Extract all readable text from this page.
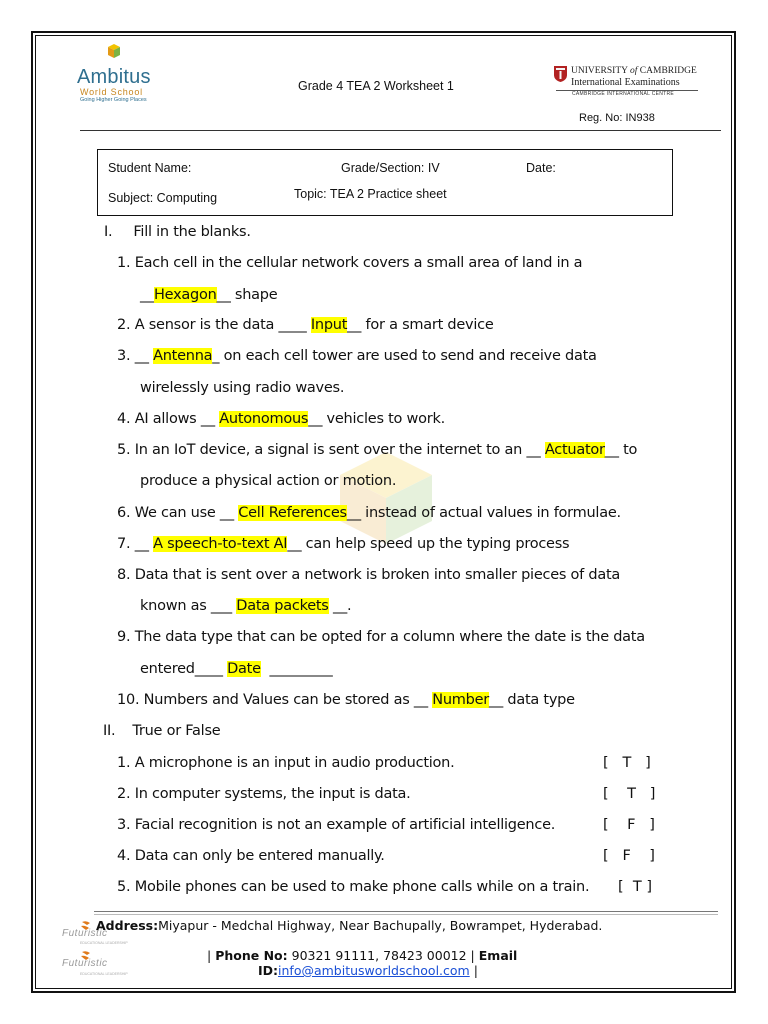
Ambitus
World School
Going Higher Going Places
Grade 4 TEA 2 Worksheet 1
UNIVERSITY of CAMBRIDGE
International Examinations
CAMBRIDGE INTERNATIONAL CENTRE
Reg. No: IN938
Student Name:	Grade/Section: IV	Date:
Subject: Computing	Topic: TEA 2 Practice sheet
I. Fill in the blanks.
1. Each cell in the cellular network covers a small area of land in a
__Hexagon__ shape
2. A sensor is the data ____ Input__ for a smart device
3. __ Antenna_ on each cell tower are used to send and receive data
wirelessly using radio waves.
4. AI allows __ Autonomous__ vehicles to work.
5. In an IoT device, a signal is sent over the internet to an __ Actuator__ to
produce a physical action or motion.
6. We can use __ Cell References__ instead of actual values in formulae.
7. __ A speech-to-text AI__ can help speed up the typing process
8. Data that is sent over a network is broken into smaller pieces of data
known as ___ Data packets __.
9. The data type that can be opted for a column where the date is the data
entered____ Date  _________
10. Numbers and Values can be stored as __ Number__ data type
II. True or False
1. A microphone is an input in audio production.	[   T   ]
2. In computer systems, the input is data.	[    T   ]
3. Facial recognition is not an example of artificial intelligence.	[    F   ]
4. Data can only be entered manually.	[   F    ]
5. Mobile phones can be used to make phone calls while on a train. [  T ]
Futuristic
EDUCATIONAL LEADERSHIP
Address:Miyapur - Medchal Highway, Near Bachupally, Bowrampet, Hyderabad.
Futuristic
EDUCATIONAL LEADERSHIP
| Phone No: 90321 91111, 78423 00012 | Email
ID:info@ambitusworldschool.com |
